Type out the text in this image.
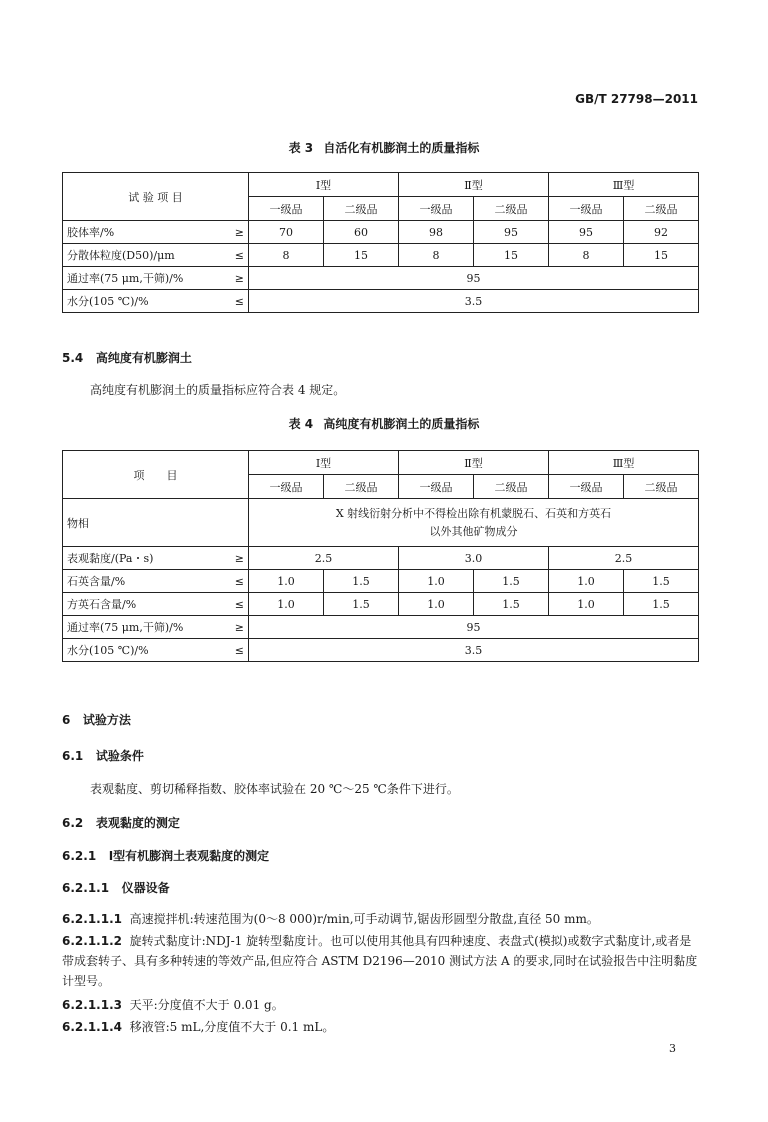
GB/T 27798—2011
表 3 自活化有机膨润土的质量指标
试 验 项 目	Ⅰ型		Ⅱ型		Ⅲ型	
	一级品	二级品	一级品	二级品	一级品	二级品

胶体率/% ≥	70	60	98	95	95	92

分散体粒度(D50)/μm ≤	8	15	8	15	8	15

通过率(75 μm,干筛)/% ≥	95					

水分(105 ℃)/% ≤	3.5					
5.4 高纯度有机膨润土
高纯度有机膨润土的质量指标应符合表 4 规定。
表 4 高纯度有机膨润土的质量指标
项　　目	Ⅰ型		Ⅱ型		Ⅲ型	
	一级品	二级品	一级品	二级品	一级品	二级品
物相	X 射线衍射分析中不得检出除有机蒙脱石、石英和方英石
以外其他矿物成分					

表观黏度/(Pa・s) ≥	2.5		3.0		2.5	

石英含量/% ≤	1.0	1.5	1.0	1.5	1.0	1.5

方英石含量/% ≤	1.0	1.5	1.0	1.5	1.0	1.5

通过率(75 μm,干筛)/% ≥	95					

水分(105 ℃)/% ≤	3.5					
6 试验方法
6.1 试验条件
表观黏度、剪切稀释指数、胶体率试验在 20 ℃～25 ℃条件下进行。
6.2 表观黏度的测定
6.2.1 Ⅰ型有机膨润土表观黏度的测定
6.2.1.1 仪器设备
6.2.1.1.1 高速搅拌机:转速范围为(0～8 000)r/min,可手动调节,锯齿形圆型分散盘,直径 50 mm。
6.2.1.1.2 旋转式黏度计:NDJ-1 旋转型黏度计。也可以使用其他具有四种速度、表盘式(模拟)或数字式黏度计,或者是带成套转子、具有多种转速的等效产品,但应符合 ASTM D2196—2010 测试方法 A 的要求,同时在试验报告中注明黏度计型号。
6.2.1.1.3 天平:分度值不大于 0.01 g。
6.2.1.1.4 移液管:5 mL,分度值不大于 0.1 mL。
3
